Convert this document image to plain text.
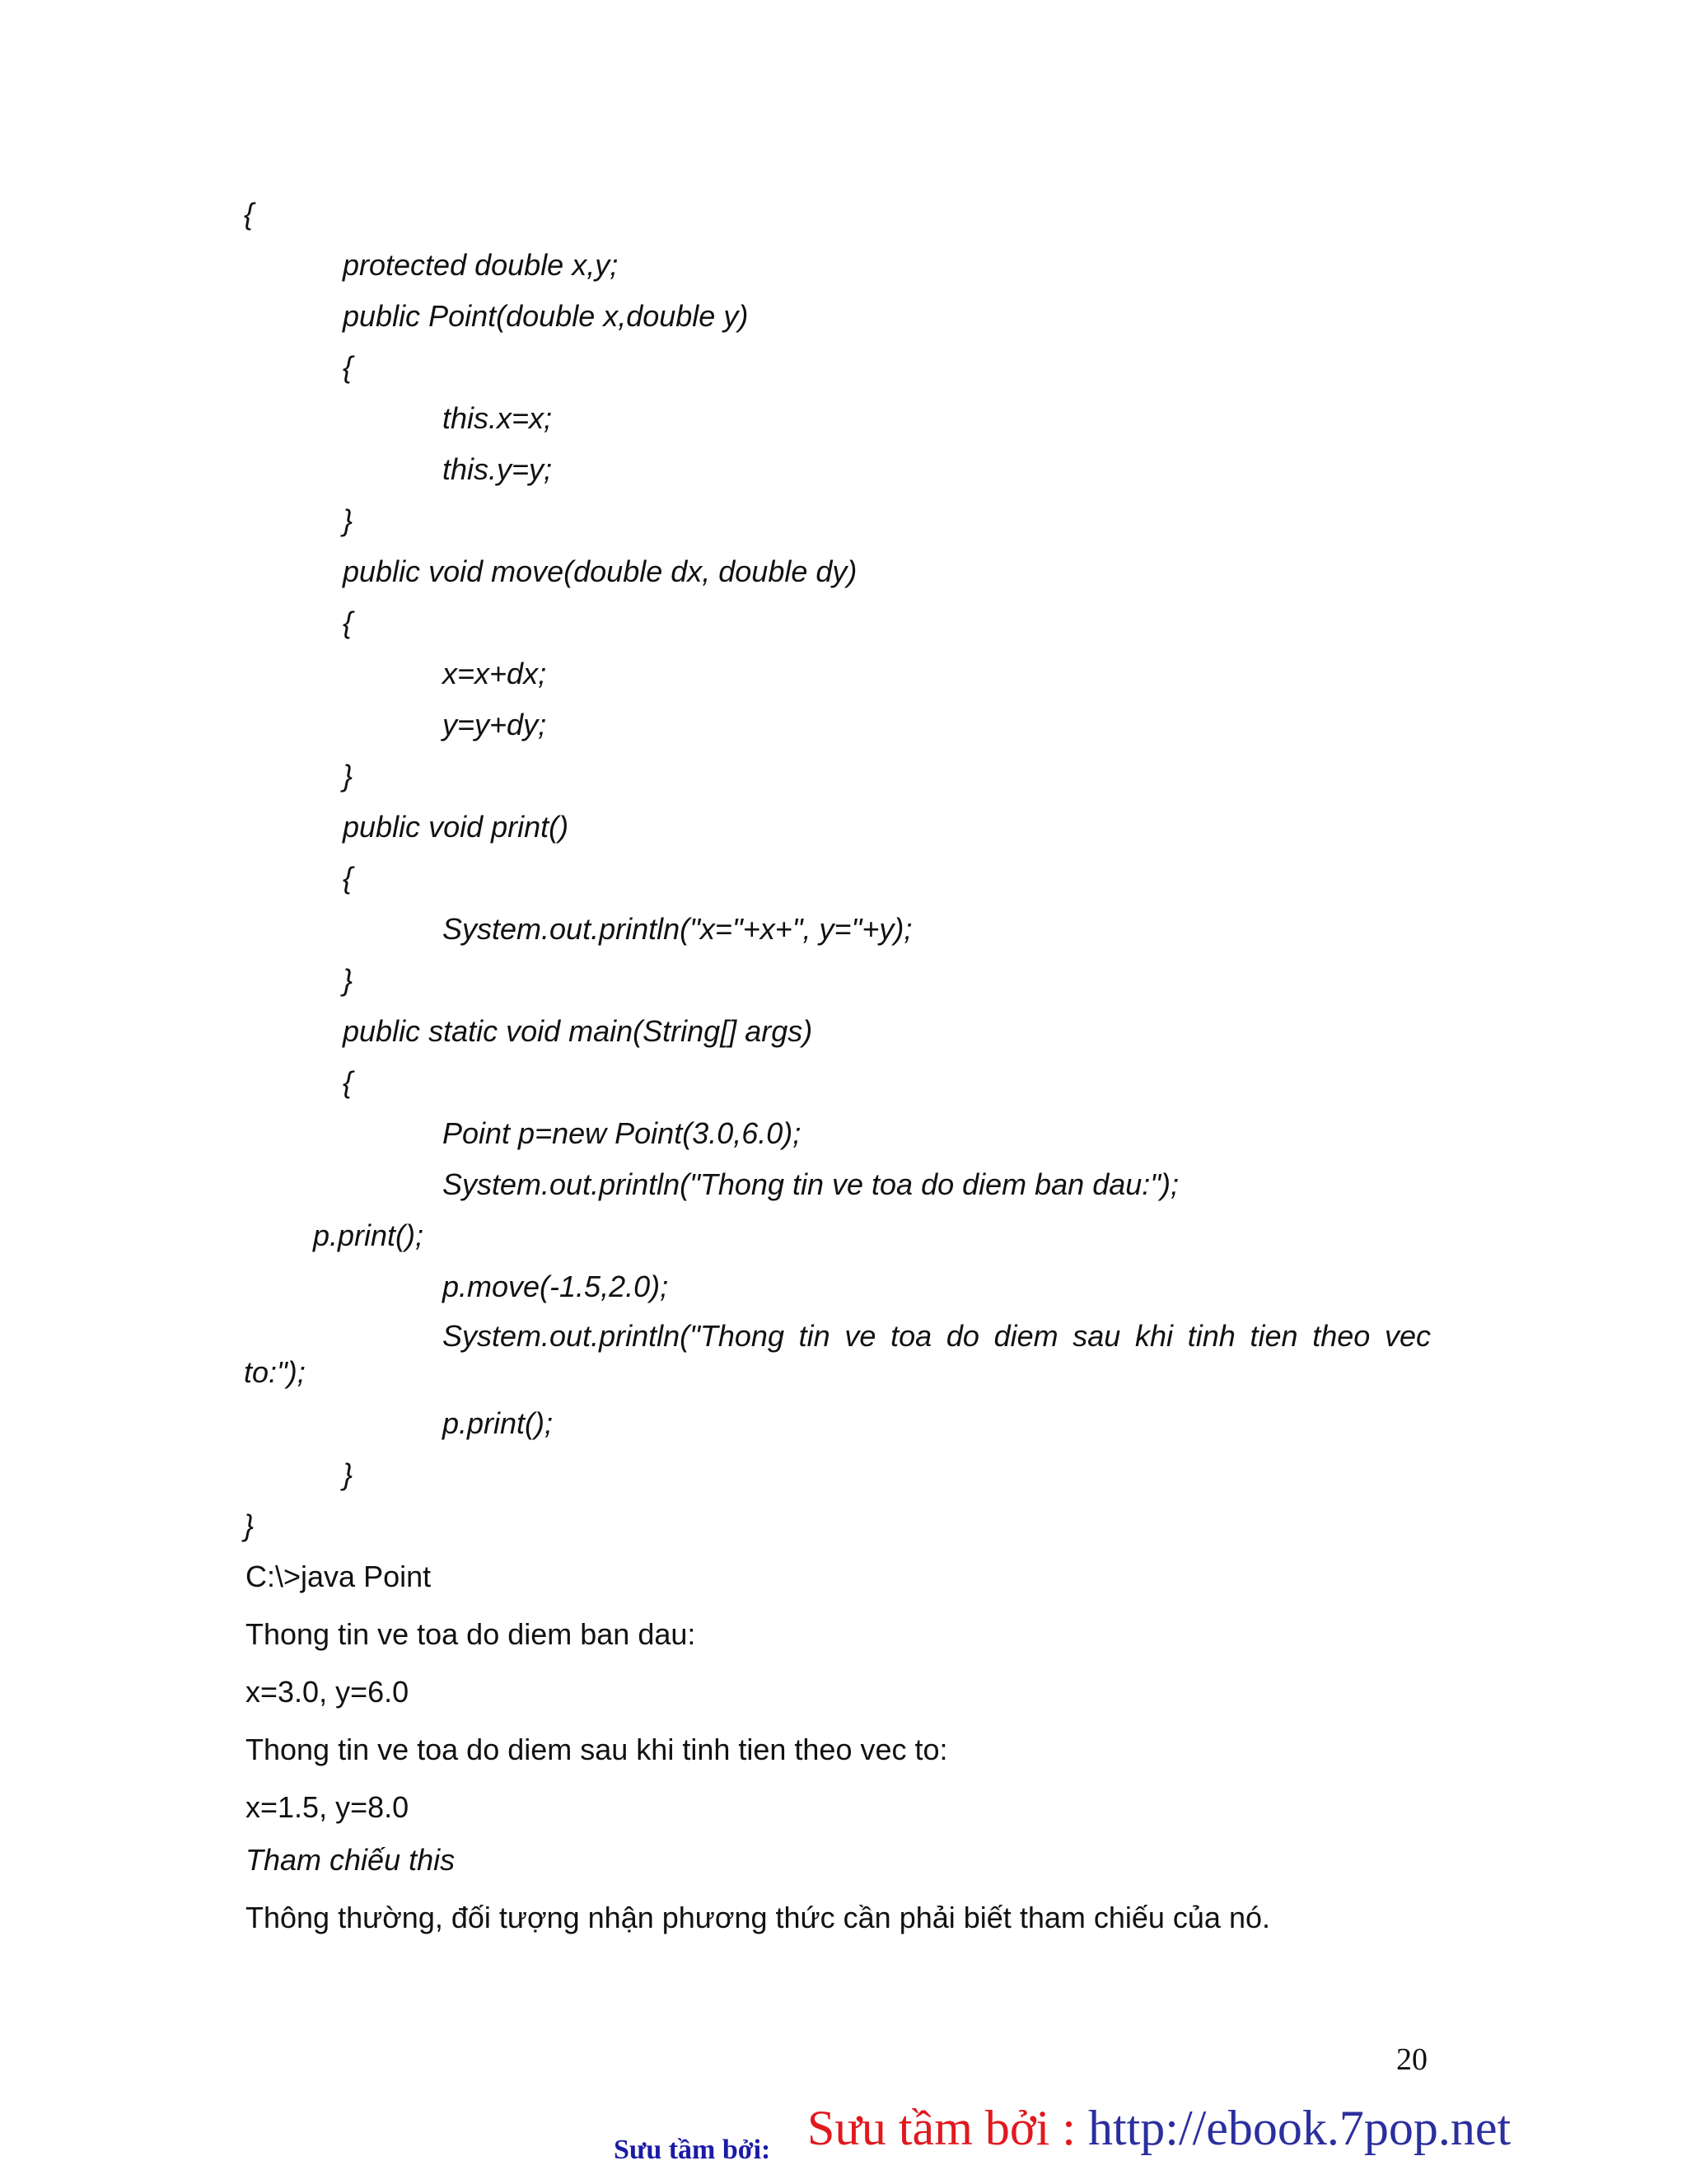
{
protected double x,y;
public Point(double x,double y)
{
this.x=x;
this.y=y;
}
public void move(double dx, double dy)
{
x=x+dx;
y=y+dy;
}
public void print()
{
System.out.println("x="+x+", y="+y);
}
public static void main(String[] args)
{
Point p=new Point(3.0,6.0);
System.out.println("Thong tin ve toa do diem ban dau:");
p.print();
p.move(-1.5,2.0);
System.out.println("Thong tin ve toa do diem sau khi tinh tien theo vec
to:");
p.print();
}
}
C:\>java Point
Thong tin ve toa do diem ban dau:
x=3.0, y=6.0
Thong tin ve toa do diem sau khi tinh tien theo vec to:
x=1.5, y=8.0
Tham chiếu this
Thông thường, đối tượng nhận phương thức cần phải biết tham chiếu của nó.
20
Sưu tầm bởi: Sưu tầm bởi : http://ebook.7pop.net
